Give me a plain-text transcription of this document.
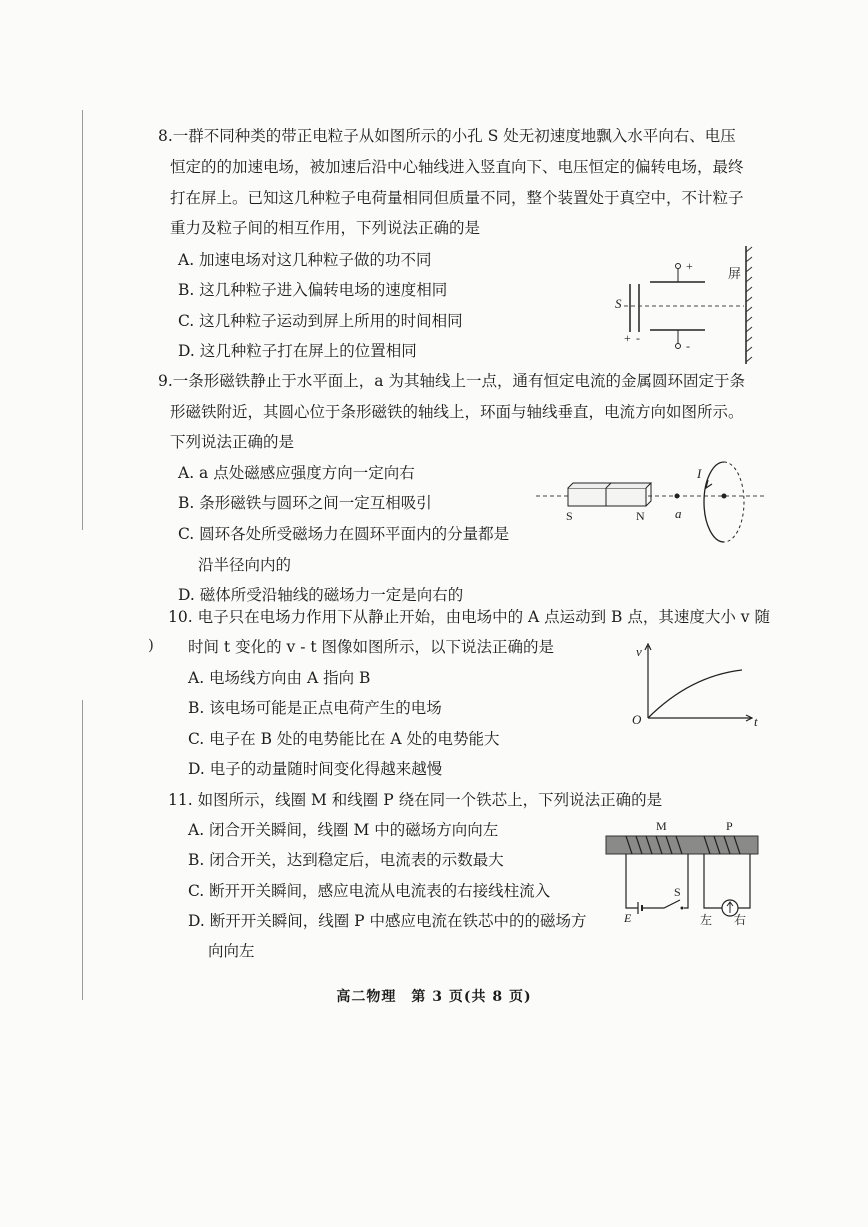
8.一群不同种类的带正电粒子从如图所示的小孔 S 处无初速度地飘入水平向右、电压
恒定的的加速电场，被加速后沿中心轴线进入竖直向下、电压恒定的偏转电场，最终
打在屏上。已知这几种粒子电荷量相同但质量不同，整个装置处于真空中，不计粒子
重力及粒子间的相互作用，下列说法正确的是
A. 加速电场对这几种粒子做的功不同
B. 这几种粒子进入偏转电场的速度相同
C. 这几种粒子运动到屏上所用的时间相同
D. 这几种粒子打在屏上的位置相同
S
+ -
+
-
屏
9.一条形磁铁静止于水平面上，a 为其轴线上一点，通有恒定电流的金属圆环固定于条
形磁铁附近，其圆心位于条形磁铁的轴线上，环面与轴线垂直，电流方向如图所示。
下列说法正确的是
A. a 点处磁感应强度方向一定向右
B. 条形磁铁与圆环之间一定互相吸引
C. 圆环各处所受磁场力在圆环平面内的分量都是
沿半径向内的
D. 磁体所受沿轴线的磁场力一定是向右的
S	N a
I
)
10. 电子只在电场力作用下从静止开始，由电场中的 A 点运动到 B 点，其速度大小 v 随
时间 t 变化的 v - t 图像如图所示，以下说法正确的是
A. 电场线方向由 A 指向 B
B. 该电场可能是正点电荷产生的电场
C. 电子在 B 处的电势能比在 A 处的电势能大
D. 电子的动量随时间变化得越来越慢
v
t
O
11. 如图所示，线圈 M 和线圈 P 绕在同一个铁芯上，下列说法正确的是
A. 闭合开关瞬间，线圈 M 中的磁场方向向左
B. 闭合开关，达到稳定后，电流表的示数最大
C. 断开开关瞬间，感应电流从电流表的右接线柱流入
D. 断开开关瞬间，线圈 P 中感应电流在铁芯中的的磁场方
向向左
M	P
S
E	左 右
高二物理　第 3 页(共 8 页)
